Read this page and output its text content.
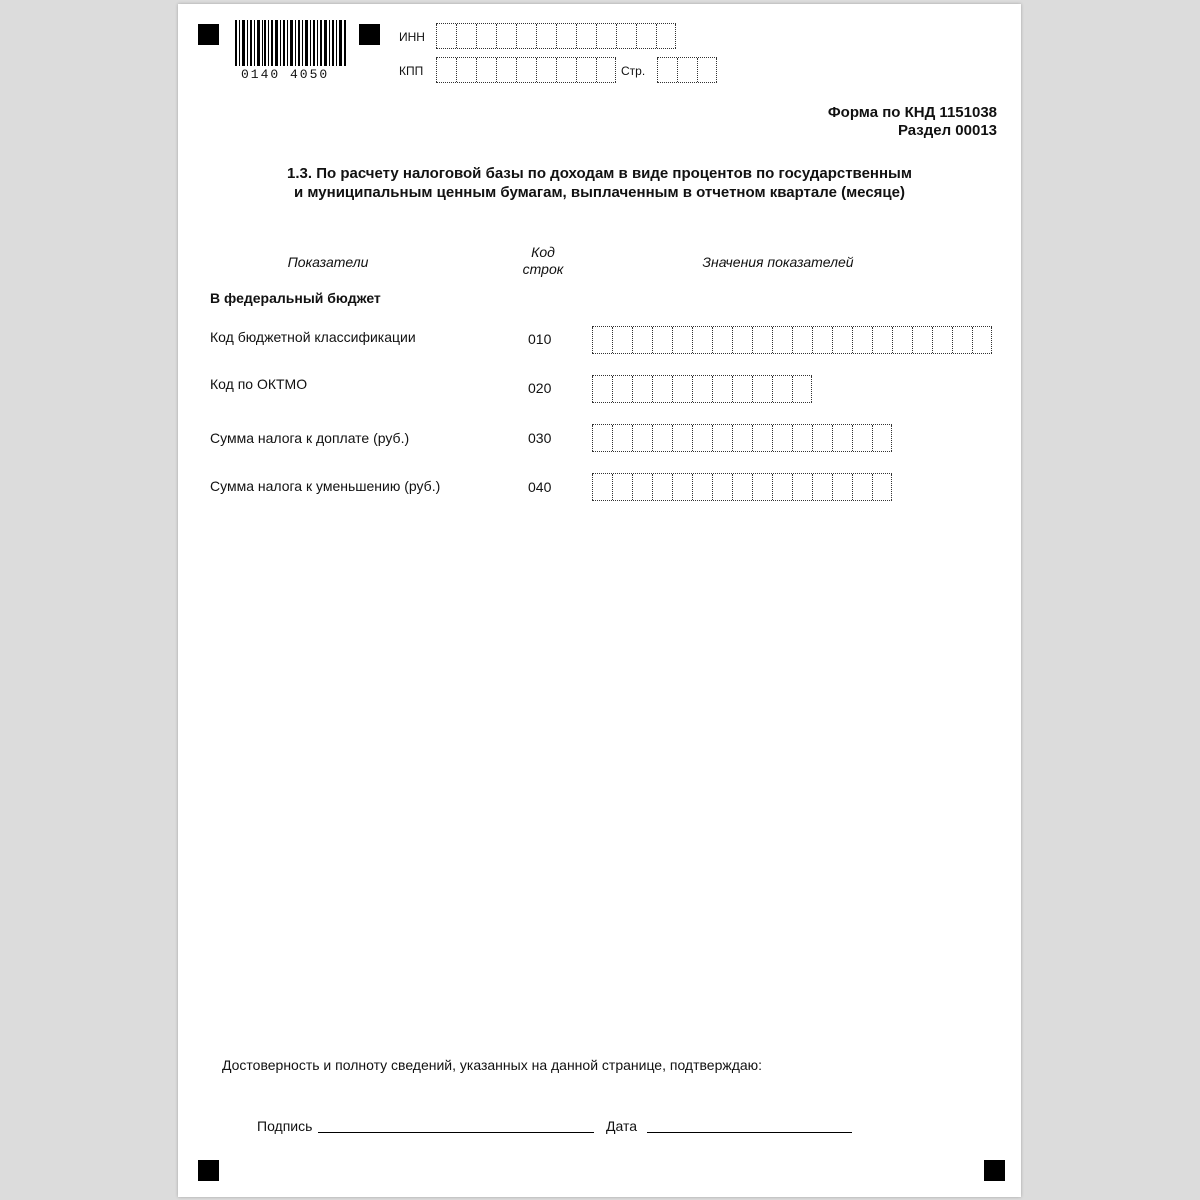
0140 4050
ИНН
КПП	Стр.
Форма по КНД 1151038
Раздел 00013
1.3. По расчету налоговой базы по доходам в виде процентов по государственным
и муниципальным ценным бумагам, выплаченным в отчетном квартале (месяце)
Показатели
Код
строк	Значения показателей
В федеральный бюджет
Код бюджетной классификации	010
Код по ОКТМО	020
Сумма налога к доплате (руб.)	030
Сумма налога к уменьшению (руб.)	040
Достоверность и полноту сведений, указанных на данной странице, подтверждаю:
Подпись	Дата
